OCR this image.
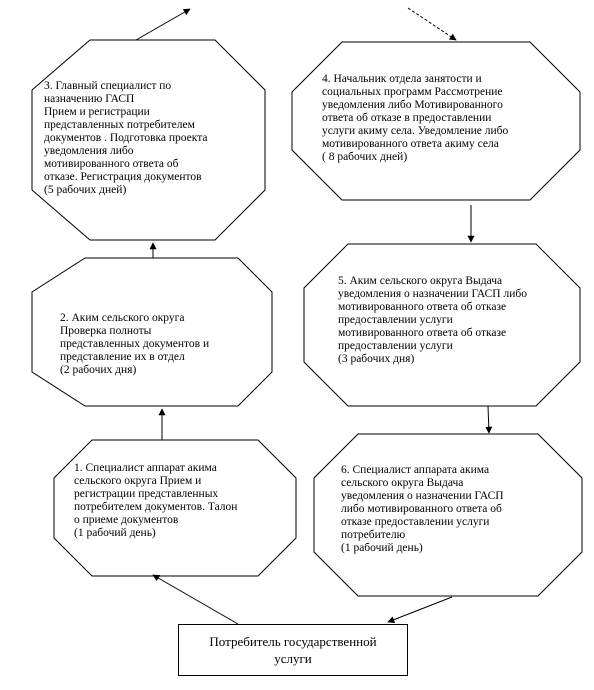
3. Главный специалист по
назначению ГАСП
Прием и регистрации
представленных потребителем
документов . Подготовка проекта
уведомления либо
мотивированного ответа об
отказе. Регистрация документов
(5 рабочих дней)
4. Начальник отдела занятости и
социальных программ Рассмотрение
уведомления либо Мотивированного
ответа об отказе в предоставлении
услуги акиму села. Уведомление либо
мотивированного ответа акиму села
( 8 рабочих дней)
2. Аким сельского округа
Проверка полноты
представленных документов и
представление их в отдел
(2 рабочих дня)
5. Аким сельского округа Выдача
уведомления о назначении ГАСП либо
мотивированного ответа об отказе
предоставлении услуги
мотивированного ответа об отказе
предоставлении услуги
(3 рабочих дня)
1. Специалист аппарат акима
сельского округа Прием и
регистрации представленных
потребителем документов. Талон
о приеме документов
(1 рабочий день)
6. Специалист аппарата акима
сельского округа Выдача
уведомления о назначении ГАСП
либо мотивированного ответа об
отказе предоставлении услуги
потребителю
(1 рабочий день)
Потребитель государственной услуги
